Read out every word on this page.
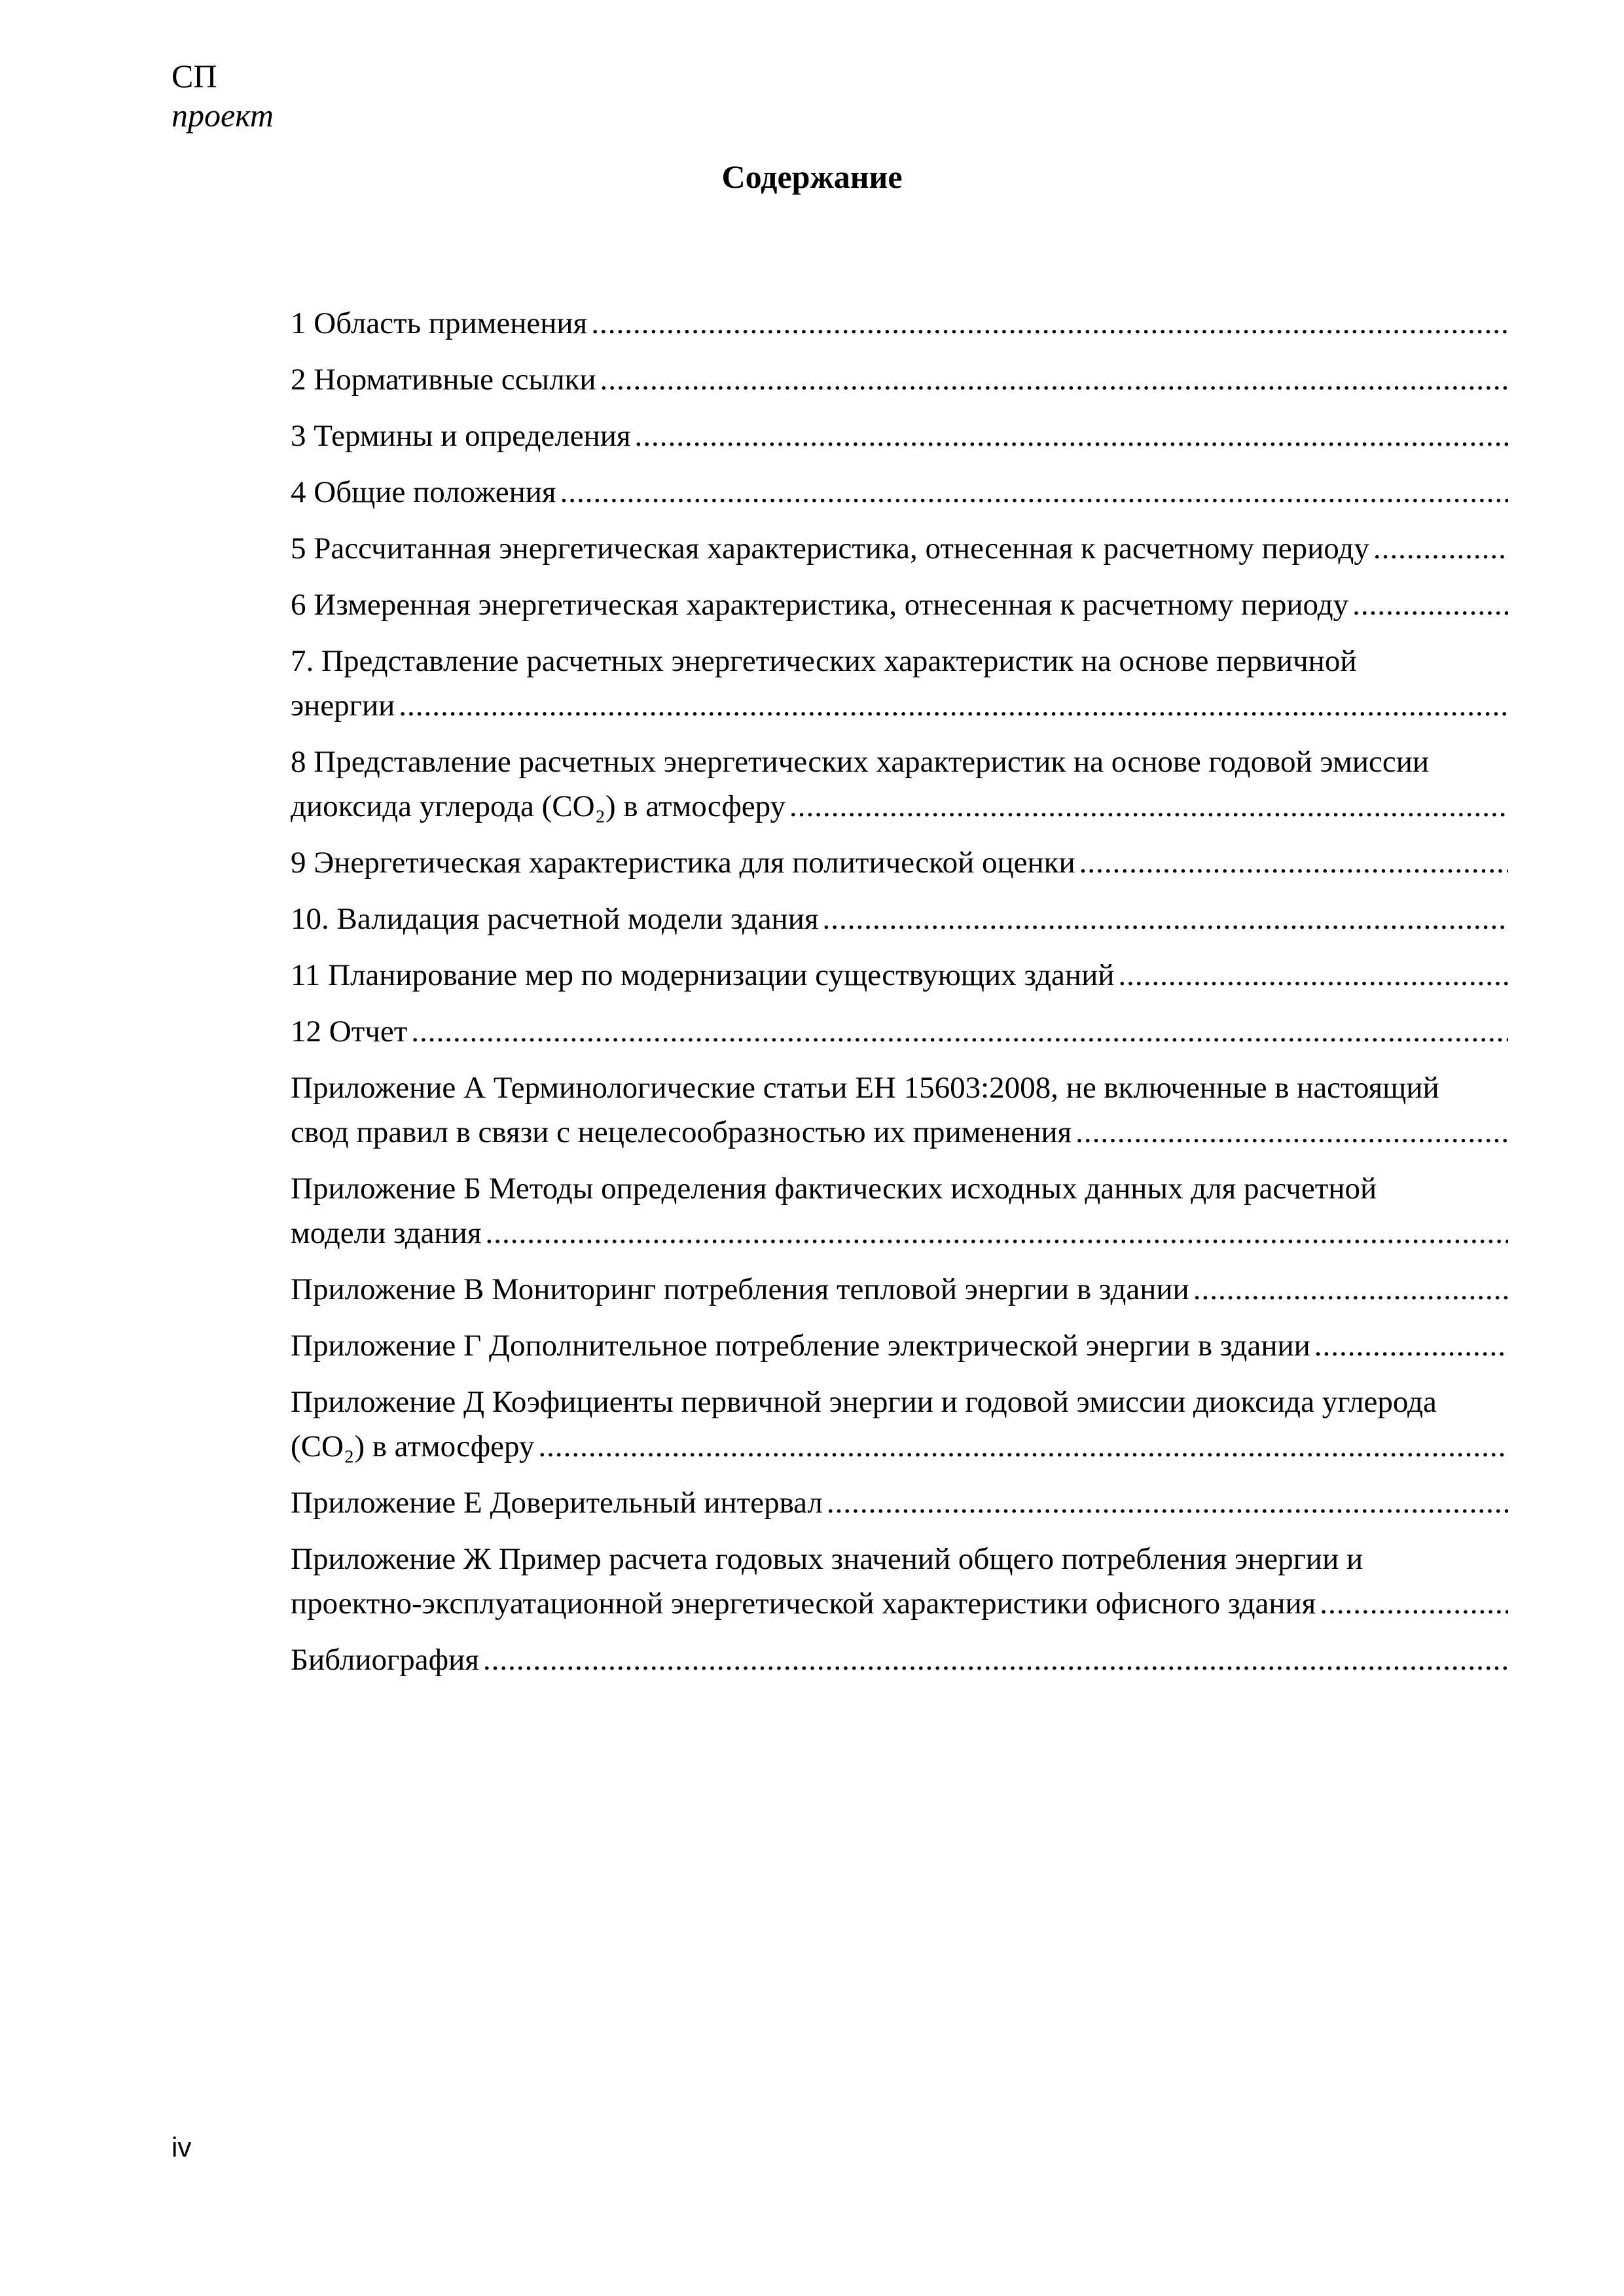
СП
проект
Содержание
1 Область применения
.....
2 Нормативные ссылки
.....
3 Термины и определения
.....
4 Общие положения
.....
5 Рассчитанная энергетическая характеристика, отнесенная к расчетному периоду
.....
6 Измеренная энергетическая характеристика, отнесенная к расчетному периоду
.....
7. Представление расчетных энергетических характеристик на основе первичной
энергии
.....
8 Представление расчетных энергетических характеристик на основе годовой эмиссии
диоксида углерода (CO₂) в атмосферу
.....
9 Энергетическая характеристика для политической оценки
.....
10. Валидация расчетной модели здания
.....
11 Планирование мер по модернизации существующих зданий
.....
12 Отчет
.....
Приложение А Терминологические статьи ЕН 15603:2008, не включенные в настоящий
свод правил в связи с нецелесообразностью их применения
.....
Приложение Б Методы определения фактических исходных данных для расчетной
модели здания
.....
Приложение В Мониторинг потребления тепловой энергии в здании
.....
Приложение Г Дополнительное потребление электрической энергии в здании
.....
Приложение Д Коэфициенты первичной энергии и годовой эмиссии диоксида углерода
(CO₂) в атмосферу
.....
Приложение Е Доверительный интервал
.....
Приложение Ж Пример расчета годовых значений общего потребления энергии и
проектно-эксплуатационной энергетической характеристики офисного здания
.....
Библиография
.....
iv
